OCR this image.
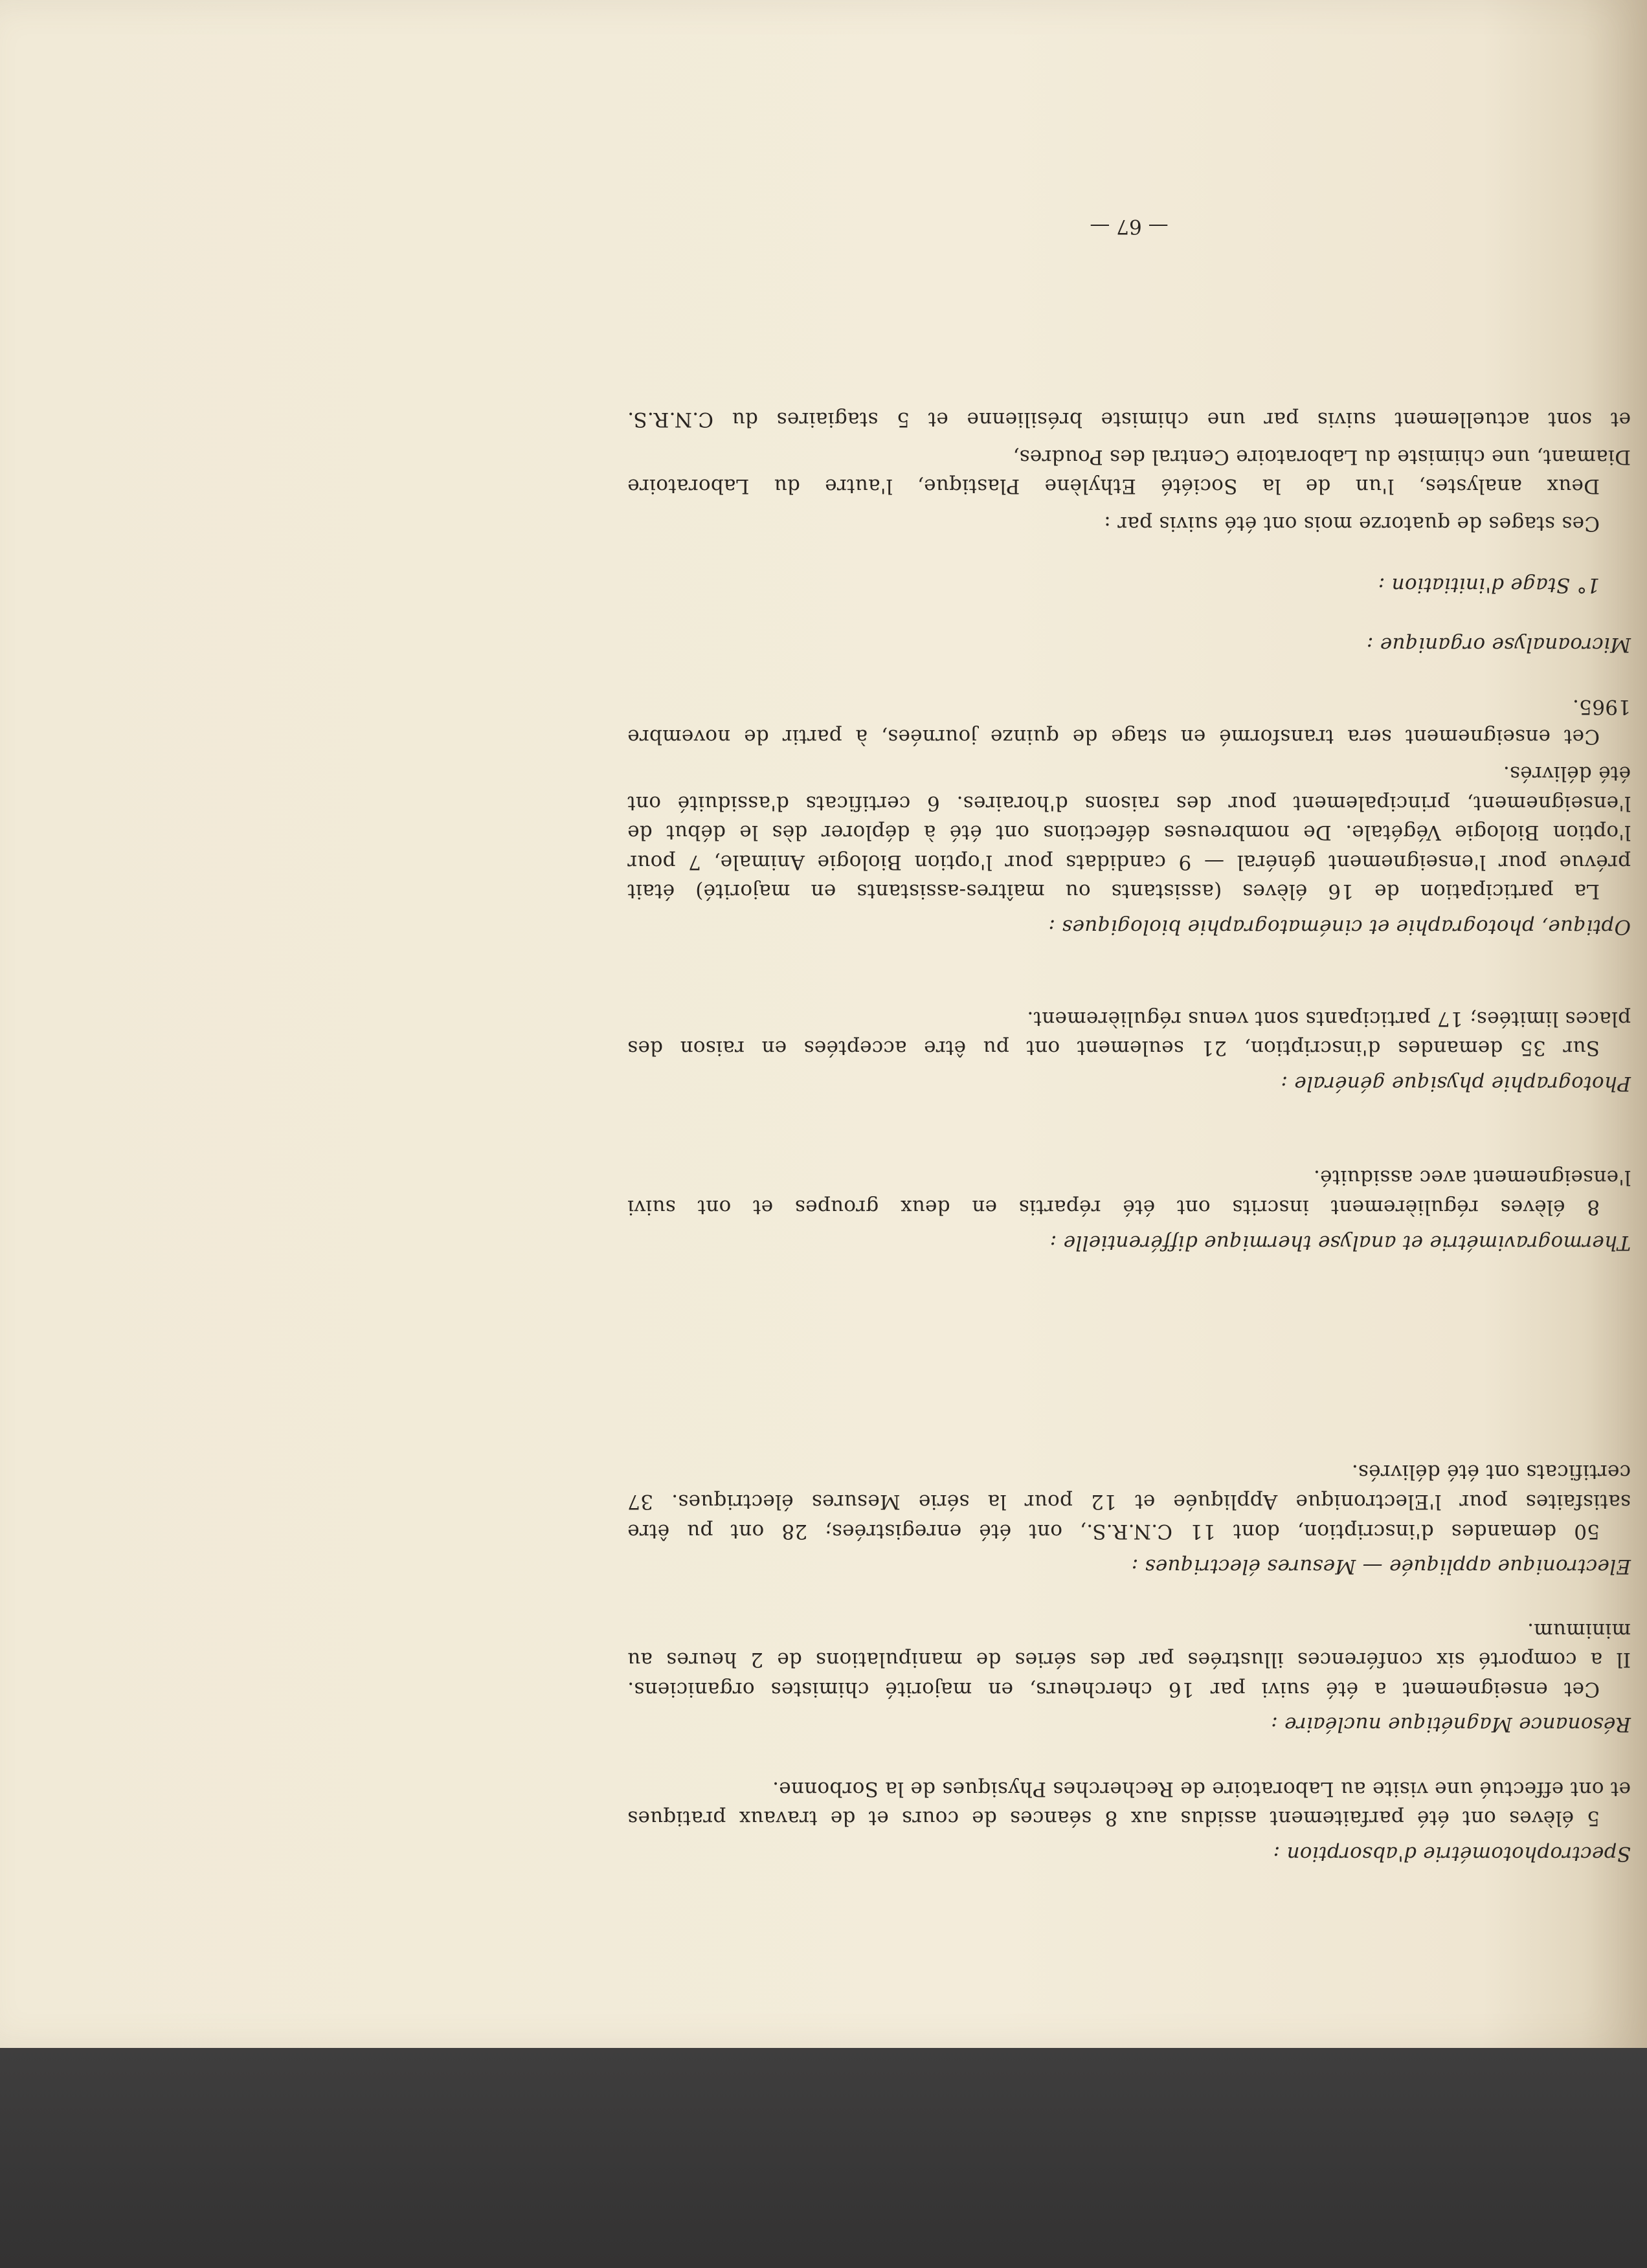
Spectrophotométrie d'absorption :
5 élèves ont été parfaitement assidus aux 8 séances de cours et de travaux pratiques
et ont effectué une visite au Laboratoire de Recherches Physiques de la Sorbonne.
Résonance Magnétique nucléaire :
Cet enseignement a été suivi par 16 chercheurs, en majorité chimistes organiciens.
Il a comporté six conférences illustrées par des séries de manipulations de 2 heures au
minimum.
Electronique appliquée — Mesures électriques :
50 demandes d'inscription, dont 11 C.N.R.S., ont été enregistrées; 28 ont pu être
satisfaites pour l'Electronique Appliquée et 12 pour la série Mesures électriques. 37
certificats ont été délivrés.
Thermogravimétrie et analyse thermique différentielle :
8 élèves régulièrement inscrits ont été répartis en deux groupes et ont suivi
l'enseignement avec assiduité.
Photographie physique générale :
Sur 35 demandes d'inscription, 21 seulement ont pu être acceptées en raison des
places limitées; 17 participants sont venus régulièrement.
Optique, photographie et cinématographie biologiques :
La participation de 16 élèves (assistants ou maîtres-assistants en majorité) était
prévue pour l'enseignement général — 9 candidats pour l'option Biologie Animale, 7 pour
l'option Biologie Végétale. De nombreuses défections ont été à déplorer dès le début de
l'enseignement, principalement pour des raisons d'horaires. 6 certificats d'assiduité ont
été délivrés.
Cet enseignement sera transformé en stage de quinze journées, à partir de novembre
1965.
Microanalyse organique :
1° Stage d'initiation :
Ces stages de quatorze mois ont été suivis par :
Deux analystes, l'un de la Société Ethylène Plastique, l'autre du Laboratoire
Diamant, une chimiste du Laboratoire Central des Poudres,
et sont actuellement suivis par une chimiste brésilienne et 5 stagiaires du C.N.R.S.
— 67 —
